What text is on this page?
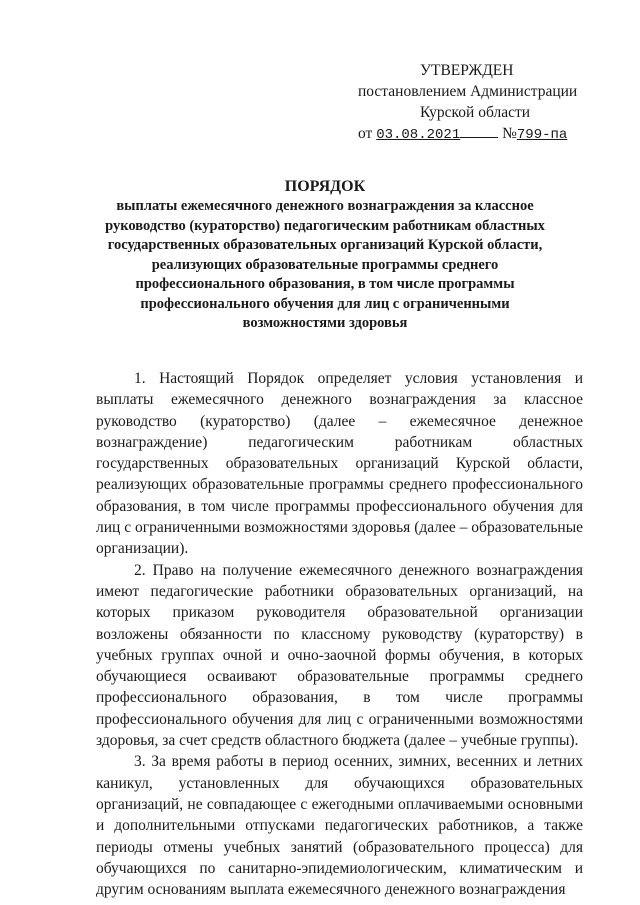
УТВЕРЖДЕН
постановлением Администрации
Курской области
от 03.08.2021	№799-па
ПОРЯДОК
выплаты ежемесячного денежного вознаграждения за классное руководство (кураторство) педагогическим работникам областных государственных образовательных организаций Курской области, реализующих образовательные программы среднего профессионального образования, в том числе программы профессионального обучения для лиц с ограниченными возможностями здоровья

1. Настоящий Порядок определяет условия установления и выплаты ежемесячного денежного вознаграждения за классное руководство (кураторство) (далее – ежемесячное денежное вознаграждение) педагогическим работникам областных государственных образовательных организаций Курской области, реализующих образовательные программы среднего профессионального образования, в том числе программы профессионального обучения для лиц с ограниченными возможностями здоровья (далее – образовательные организации).

2. Право на получение ежемесячного денежного вознаграждения имеют педагогические работники образовательных организаций, на которых приказом руководителя образовательной организации возложены обязанности по классному руководству (кураторству) в учебных группах очной и очно-заочной формы обучения, в которых обучающиеся осваивают образовательные программы среднего профессионального образования, в том числе программы профессионального обучения для лиц с ограниченными возможностями здоровья, за счет средств областного бюджета (далее – учебные группы).

3. За время работы в период осенних, зимних, весенних и летних каникул, установленных для обучающихся образовательных организаций, не совпадающее с ежегодными оплачиваемыми основными и дополнительными отпусками педагогических работников, а также периоды отмены учебных занятий (образовательного процесса) для обучающихся по санитарно-эпидемиологическим, климатическим и другим основаниям выплата ежемесячного денежного вознаграждения
